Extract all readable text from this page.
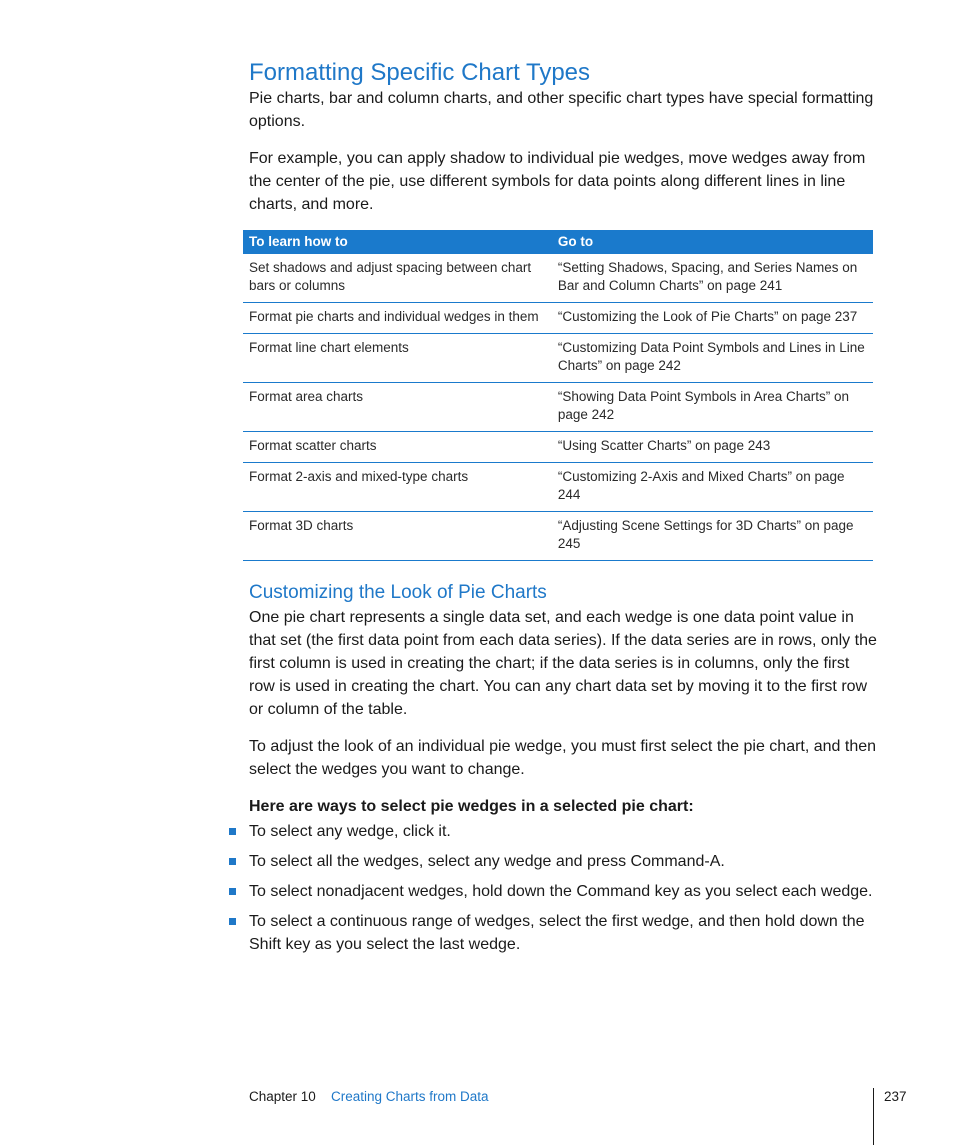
Formatting Specific Chart Types

Pie charts, bar and column charts, and other specific chart types have special formatting options.

For example, you can apply shadow to individual pie wedges, move wedges away from the center of the pie, use different symbols for data points along different lines in line charts, and more.

To learn how to	Go to
Set shadows and adjust spacing between chart bars or columns	“Setting Shadows, Spacing, and Series Names on Bar and Column Charts” on page 241
Format pie charts and individual wedges in them	“Customizing the Look of Pie Charts” on page 237
Format line chart elements	“Customizing Data Point Symbols and Lines in Line Charts” on page 242
Format area charts	“Showing Data Point Symbols in Area Charts” on page 242
Format scatter charts	“Using Scatter Charts” on page 243
Format 2-axis and mixed-type charts	“Customizing 2-Axis and Mixed Charts” on page 244
Format 3D charts	“Adjusting Scene Settings for 3D Charts” on page 245
Customizing the Look of Pie Charts

One pie chart represents a single data set, and each wedge is one data point value in that set (the first data point from each data series). If the data series are in rows, only the first column is used in creating the chart; if the data series is in columns, only the first row is used in creating the chart. You can any chart data set by moving it to the first row or column of the table.

To adjust the look of an individual pie wedge, you must first select the pie chart, and then select the wedges you want to change.

Here are ways to select pie wedges in a selected pie chart:

To select any wedge, click it.
To select all the wedges, select any wedge and press Command-A.
To select nonadjacent wedges, hold down the Command key as you select each wedge.
To select a continuous range of wedges, select the first wedge, and then hold down the Shift key as you select the last wedge.
Chapter 10 Creating Charts from Data	237
